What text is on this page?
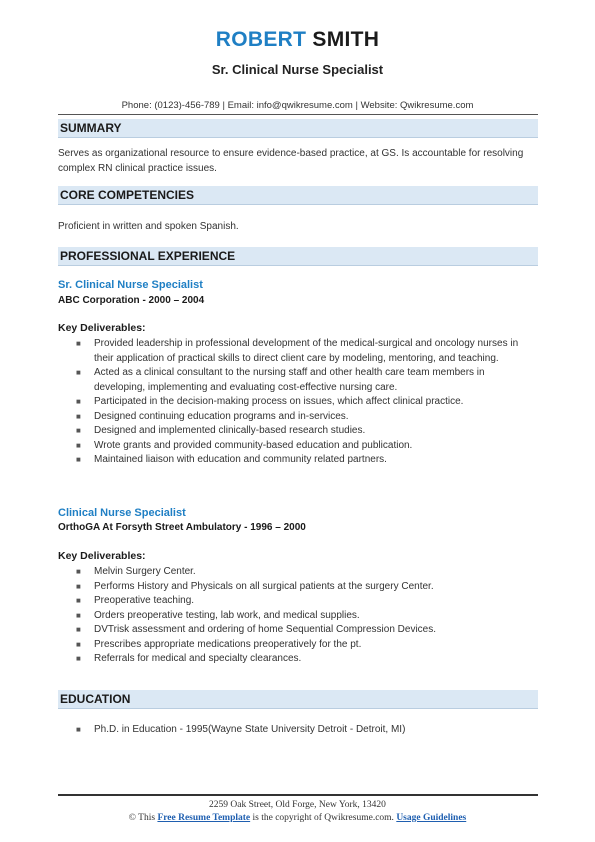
ROBERT SMITH
Sr. Clinical Nurse Specialist
Phone: (0123)-456-789 | Email: info@qwikresume.com | Website: Qwikresume.com
SUMMARY
Serves as organizational resource to ensure evidence-based practice, at GS. Is accountable for resolving complex RN clinical practice issues.
CORE COMPETENCIES
Proficient in written and spoken Spanish.
PROFESSIONAL EXPERIENCE
Sr. Clinical Nurse Specialist
ABC Corporation - 2000 – 2004
Key Deliverables:
■ Provided leadership in professional development of the medical-surgical and oncology nurses in their application of practical skills to direct client care by modeling, mentoring, and teaching.
■ Acted as a clinical consultant to the nursing staff and other health care team members in developing, implementing and evaluating cost-effective nursing care.
■ Participated in the decision-making process on issues, which affect clinical practice.
■ Designed continuing education programs and in-services.
■ Designed and implemented clinically-based research studies.
■ Wrote grants and provided community-based education and publication.
■ Maintained liaison with education and community related partners.
Clinical Nurse Specialist
OrthoGA At Forsyth Street Ambulatory - 1996 – 2000
Key Deliverables:
■ Melvin Surgery Center.
■ Performs History and Physicals on all surgical patients at the surgery Center.
■ Preoperative teaching.
■ Orders preoperative testing, lab work, and medical supplies.
■ DVTrisk assessment and ordering of home Sequential Compression Devices.
■ Prescribes appropriate medications preoperatively for the pt.
■ Referrals for medical and specialty clearances.
EDUCATION
■ Ph.D. in Education - 1995(Wayne State University Detroit - Detroit, MI)
2259 Oak Street, Old Forge, New York, 13420
© This Free Resume Template is the copyright of Qwikresume.com. Usage Guidelines
